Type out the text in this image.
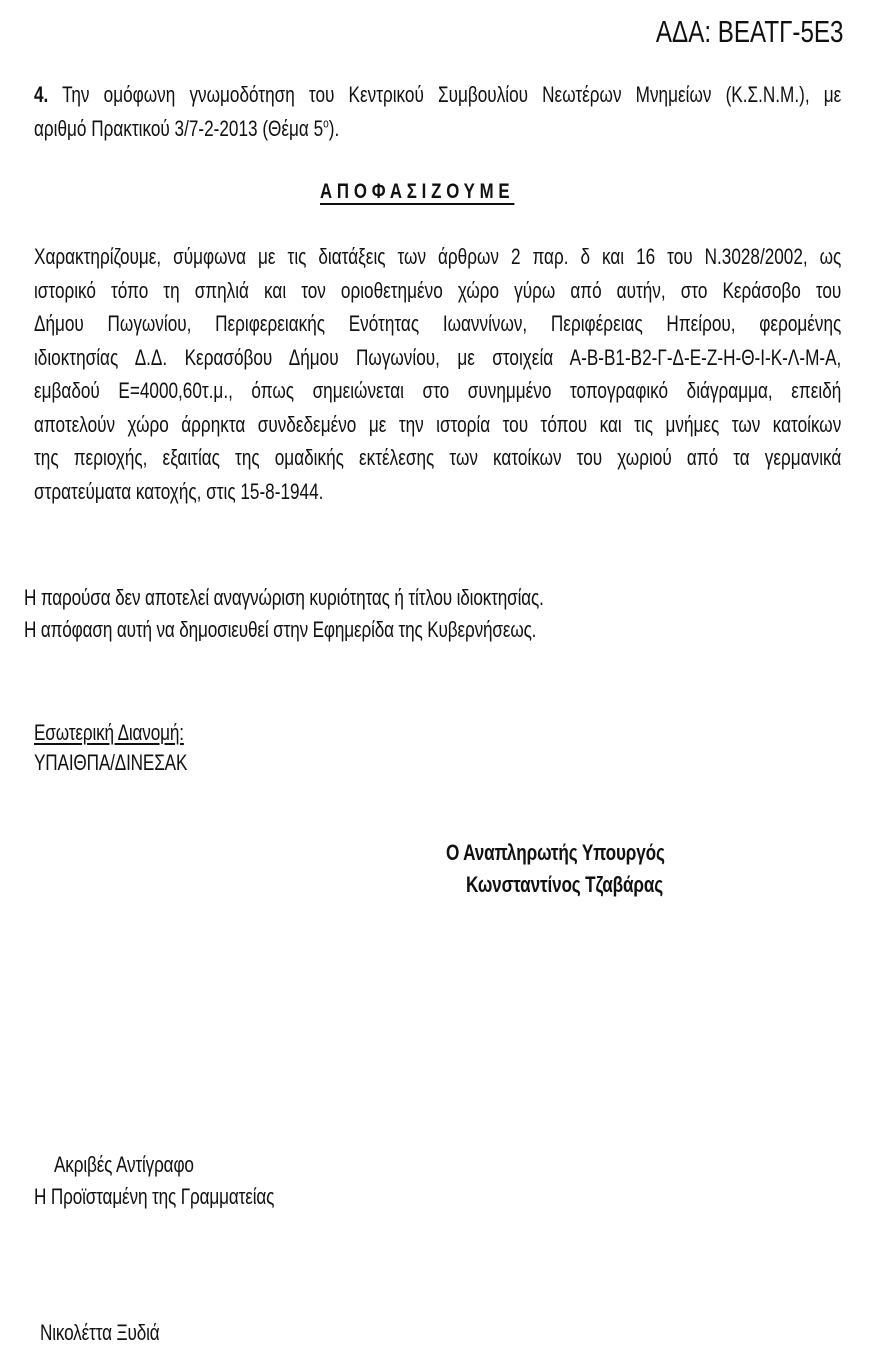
ΑΔΑ: ΒΕΑΤΓ-5Ε3
4. Την ομόφωνη γνωμοδότηση του Κεντρικού Συμβουλίου Νεωτέρων Μνημείων (Κ.Σ.Ν.Μ.), με
αριθμό Πρακτικού 3/7-2-2013 (Θέμα $5^o$).
ΑΠΟΦΑΣΙΖΟΥΜΕ
Χαρακτηρίζουμε, σύμφωνα με τις διατάξεις των άρθρων 2 παρ. δ και 16 του Ν.3028/2002, ως
ιστορικό τόπο τη σπηλιά και τον οριοθετημένο χώρο γύρω από αυτήν, στο Κεράσοβο του
Δήμου Πωγωνίου, Περιφερειακής Ενότητας Ιωαννίνων, Περιφέρειας Ηπείρου, φερομένης
ιδιοκτησίας Δ.Δ. Κερασόβου Δήμου Πωγωνίου, με στοιχεία Α-Β-Β1-Β2-Γ-Δ-Ε-Ζ-Η-Θ-Ι-Κ-Λ-Μ-Α,
εμβαδού Ε=4000,60τ.μ., όπως σημειώνεται στο συνημμένο τοπογραφικό διάγραμμα, επειδή
αποτελούν χώρο άρρηκτα συνδεδεμένο με την ιστορία του τόπου και τις μνήμες των κατοίκων
της περιοχής, εξαιτίας της ομαδικής εκτέλεσης των κατοίκων του χωριού από τα γερμανικά
στρατεύματα κατοχής, στις 15-8-1944.
Η παρούσα δεν αποτελεί αναγνώριση κυριότητας ή τίτλου ιδιοκτησίας.
Η απόφαση αυτή να δημοσιευθεί στην Εφημερίδα της Κυβερνήσεως.
Εσωτερική Διανομή:
ΥΠΑΙΘΠΑ/ΔΙΝΕΣΑΚ
Ο Αναπληρωτής Υπουργός
Κωνσταντίνος Τζαβάρας
Ακριβές Αντίγραφο
Η Προϊσταμένη της Γραμματείας
Νικολέττα Ξυδιά
